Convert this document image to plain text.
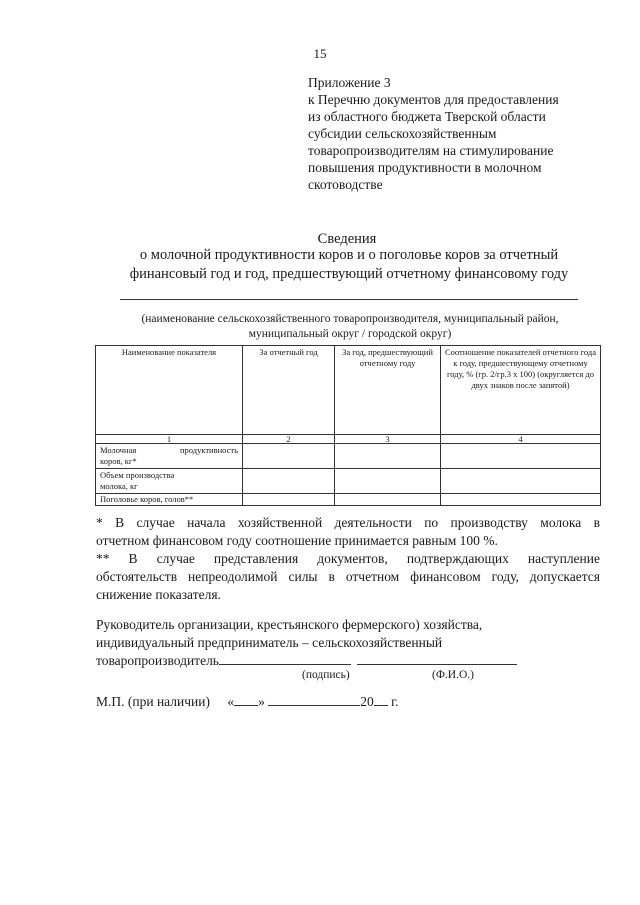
15
Приложение 3
к Перечню документов для предоставления
из областного бюджета Тверской области
субсидии сельскохозяйственным
товаропроизводителям на стимулирование
повышения продуктивности в молочном
скотоводстве
Сведения
о молочной продуктивности коров и о поголовье коров за отчетный
финансовый год и год, предшествующий отчетному финансовому году
(наименование сельскохозяйственного товаропроизводителя, муниципальный район,
муниципальный округ / городской округ)
Наименование показателя	За отчетный год	За год, предшествующий отчетному году	Соотношение показателей отчетного года к году, предшествующему отчетному году, % (гр. 2/гр.3 х 100) (округляется до двух знаков после запятой)
1	2	3	4

Молочная продуктивность
коров, кг*			

Объем производства
молока, кг			

Поголовье коров, голов**			

* В случае начала хозяйственной деятельности по производству молока в
отчетном финансовом году соотношение принимается равным 100 %.
** В случае представления документов, подтверждающих наступление
обстоятельств непреодолимой силы в отчетном финансовом году, допускается
снижение показателя.
Руководитель организации, крестьянского фермерского) хозяйства,
индивидуальный предприниматель – сельскохозяйственный
товаропроизводитель
(подпись)	(Ф.И.О.)
М.П. (при наличии) « »	20 г.
